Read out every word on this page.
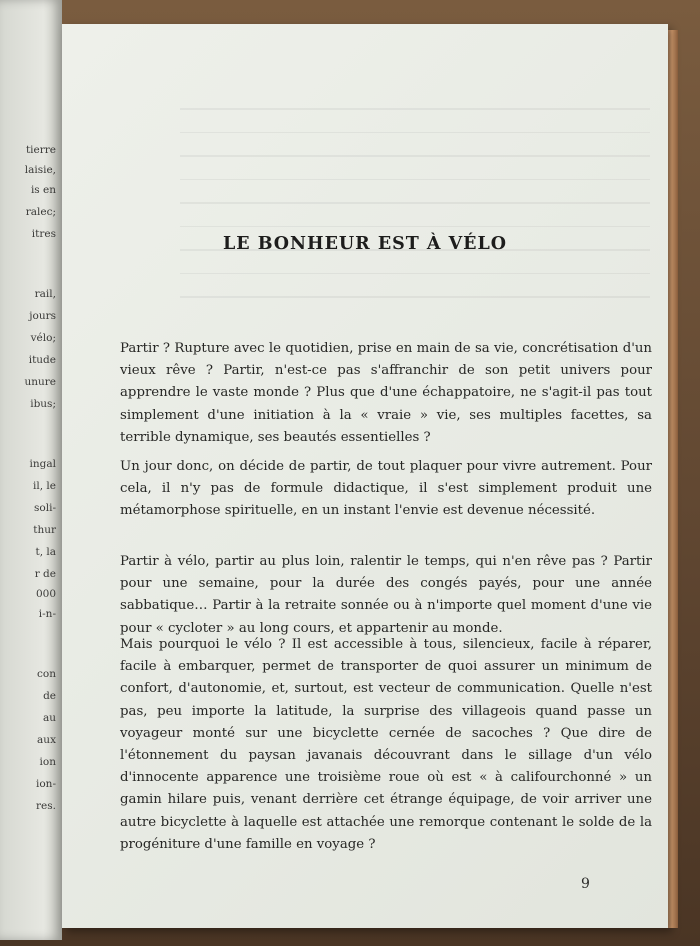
tierre
laisie,
is en
ralec;
itres
rail,
jours
vélo;
itude
unure
ibus;
ingal
il, le
soli-
thur
t, la
r de
000
i-n-
con
de
au
aux
ion
ion-
res.
LE BONHEUR EST À VÉLO

Partir ? Rupture avec le quotidien, prise en main de sa vie, concrétisation d'un vieux rêve ? Partir, n'est-ce pas s'affranchir de son petit univers pour apprendre le vaste monde ? Plus que d'une échappatoire, ne s'agit-il pas tout simplement d'une initiation à la « vraie » vie, ses multiples facettes, sa terrible dynamique, ses beautés essentielles ?

Un jour donc, on décide de partir, de tout plaquer pour vivre autrement. Pour cela, il n'y pas de formule didactique, il s'est simplement produit une métamorphose spirituelle, en un instant l'envie est devenue nécessité.

Partir à vélo, partir au plus loin, ralentir le temps, qui n'en rêve pas ? Partir pour une semaine, pour la durée des congés payés, pour une année sabbatique… Partir à la retraite sonnée ou à n'importe quel moment d'une vie pour « cycloter » au long cours, et appartenir au monde.

Mais pourquoi le vélo ? Il est accessible à tous, silencieux, facile à réparer, facile à embarquer, permet de transporter de quoi assurer un minimum de confort, d'autonomie, et, surtout, est vecteur de communication. Quelle n'est pas, peu importe la latitude, la surprise des villageois quand passe un voyageur monté sur une bicyclette cernée de sacoches ? Que dire de l'étonnement du paysan javanais découvrant dans le sillage d'un vélo d'innocente apparence une troisième roue où est « à califourchonné » un gamin hilare puis, venant derrière cet étrange équipage, de voir arriver une autre bicyclette à laquelle est attachée une remorque contenant le solde de la progéniture d'une famille en voyage ?

9
